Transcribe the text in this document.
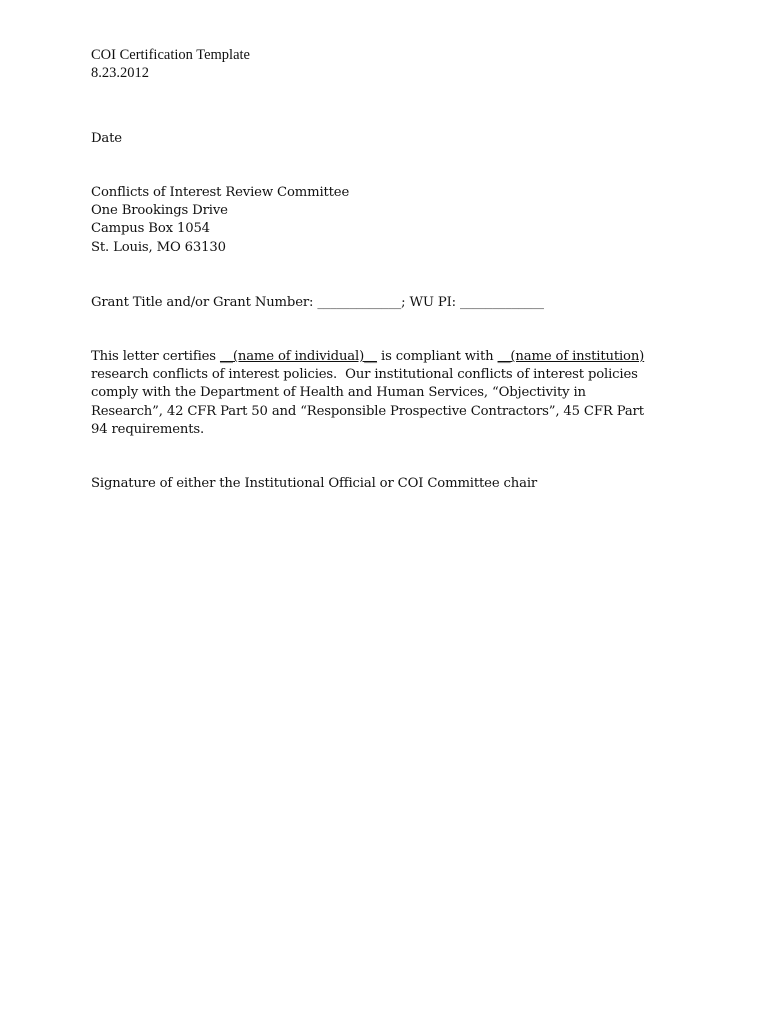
COI Certification Template
8.23.2012
Date
Conflicts of Interest Review Committee
One Brookings Drive
Campus Box 1054
St. Louis, MO 63130
Grant Title and/or Grant Number: _____________; WU PI: _____________
This letter certifies __(name of individual)__ is compliant with __(name of institution)
research conflicts of interest policies.  Our institutional conflicts of interest policies
comply with the Department of Health and Human Services, “Objectivity in
Research”, 42 CFR Part 50 and “Responsible Prospective Contractors”, 45 CFR Part
94 requirements.
Signature of either the Institutional Official or COI Committee chair
